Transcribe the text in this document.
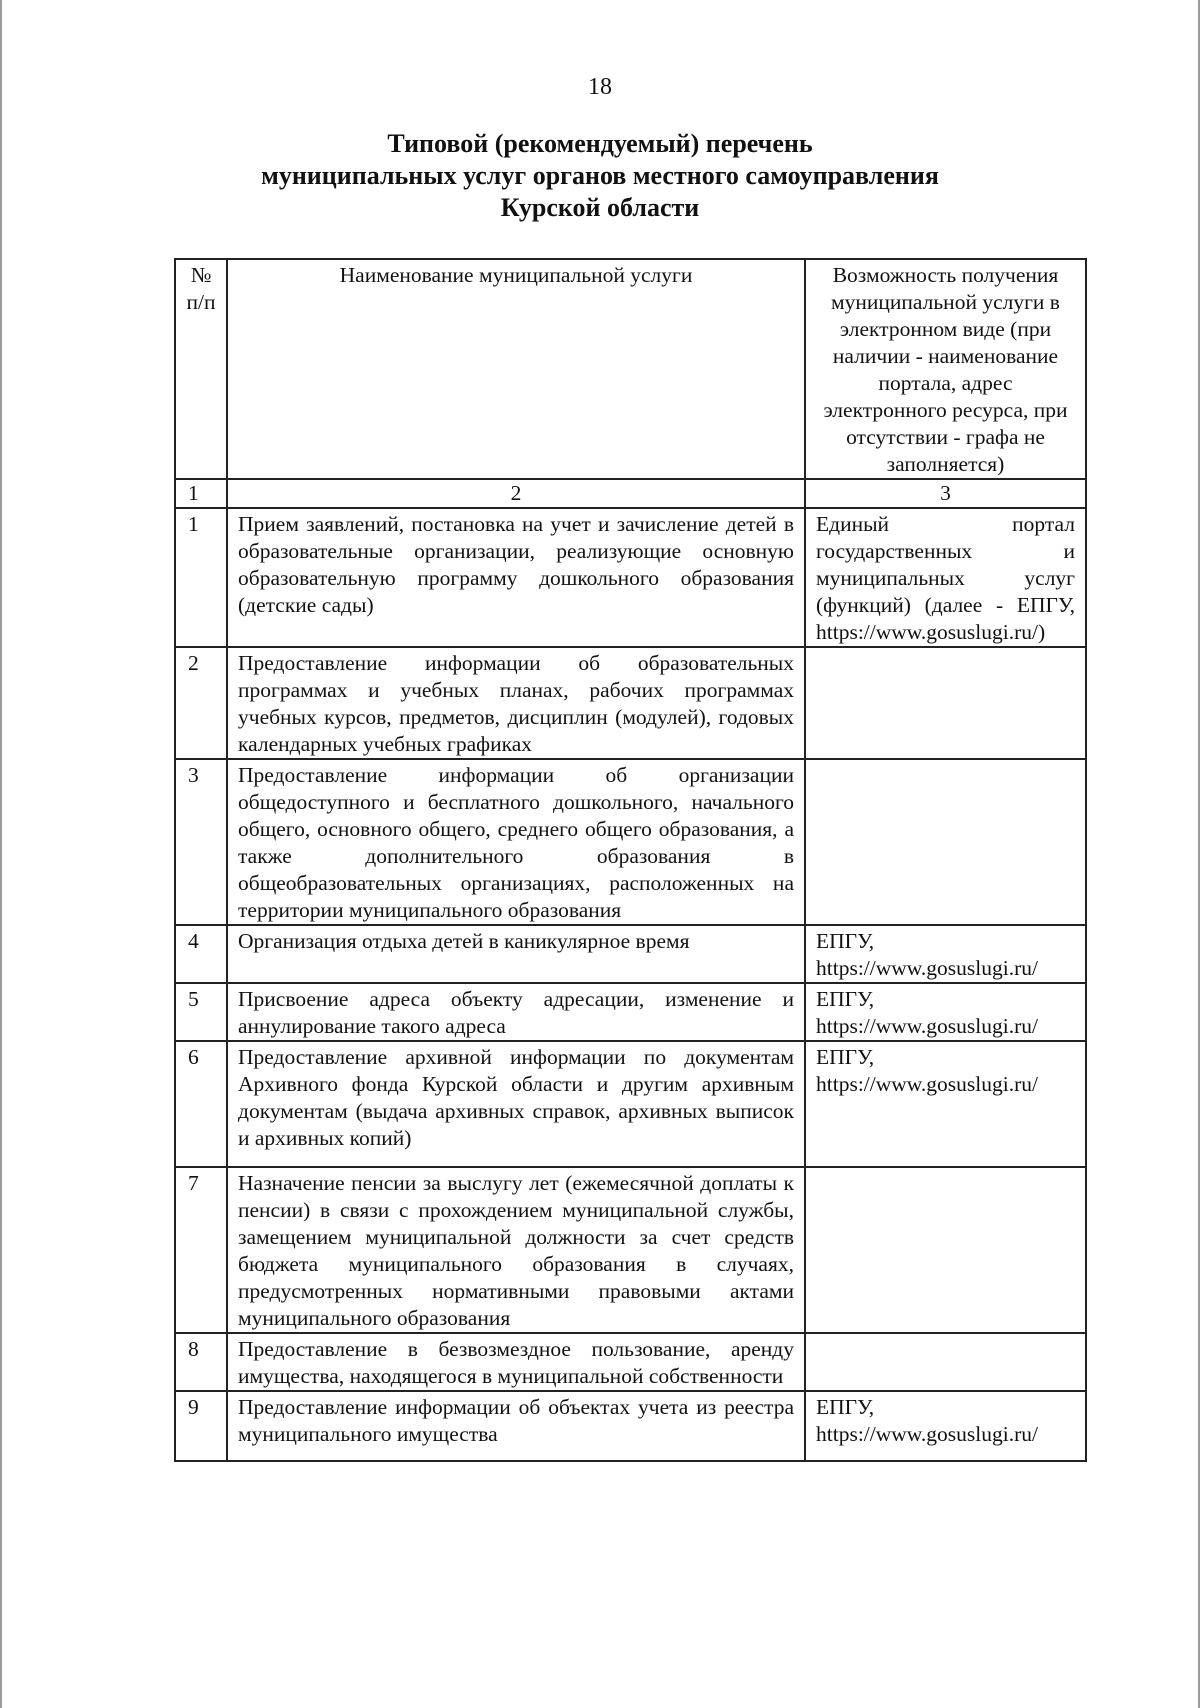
18
Типовой (рекомендуемый) перечень
муниципальных услуг органов местного самоуправления
Курской области
№ п/п	Наименование муниципальной услуги	Возможность получения муниципальной услуги в электронном виде (при наличии - наименование портала, адрес электронного ресурса, при отсутствии - графа не заполняется)
1	2	3
1	Прием заявлений, постановка на учет и зачисление детей в образовательные организации, реализующие основную образовательную программу дошкольного образования (детские сады)	Единый портал государственных и муниципальных услуг (функций) (далее - ЕПГУ, https://www.gosuslugi.ru/)
2	Предоставление информации об образовательных программах и учебных планах, рабочих программах учебных курсов, предметов, дисциплин (модулей), годовых календарных учебных графиках	
3	Предоставление информации об организации общедоступного и бесплатного дошкольного, начального общего, основного общего, среднего общего образования, а также дополнительного образования в общеобразовательных организациях, расположенных на территории муниципального образования	
4	Организация отдыха детей в каникулярное время	ЕПГУ, https://www.gosuslugi.ru/
5	Присвоение адреса объекту адресации, изменение и аннулирование такого адреса	ЕПГУ, https://www.gosuslugi.ru/
6	Предоставление архивной информации по документам Архивного фонда Курской области и другим архивным документам (выдача архивных справок, архивных выписок и архивных копий)	ЕПГУ, https://www.gosuslugi.ru/
7	Назначение пенсии за выслугу лет (ежемесячной доплаты к пенсии) в связи с прохождением муниципальной службы, замещением муниципальной должности за счет средств бюджета муниципального образования в случаях, предусмотренных нормативными правовыми актами муниципального образования	
8	Предоставление в безвозмездное пользование, аренду имущества, находящегося в муниципальной собственности	
9	Предоставление информации об объектах учета из реестра муниципального имущества	ЕПГУ, https://www.gosuslugi.ru/
